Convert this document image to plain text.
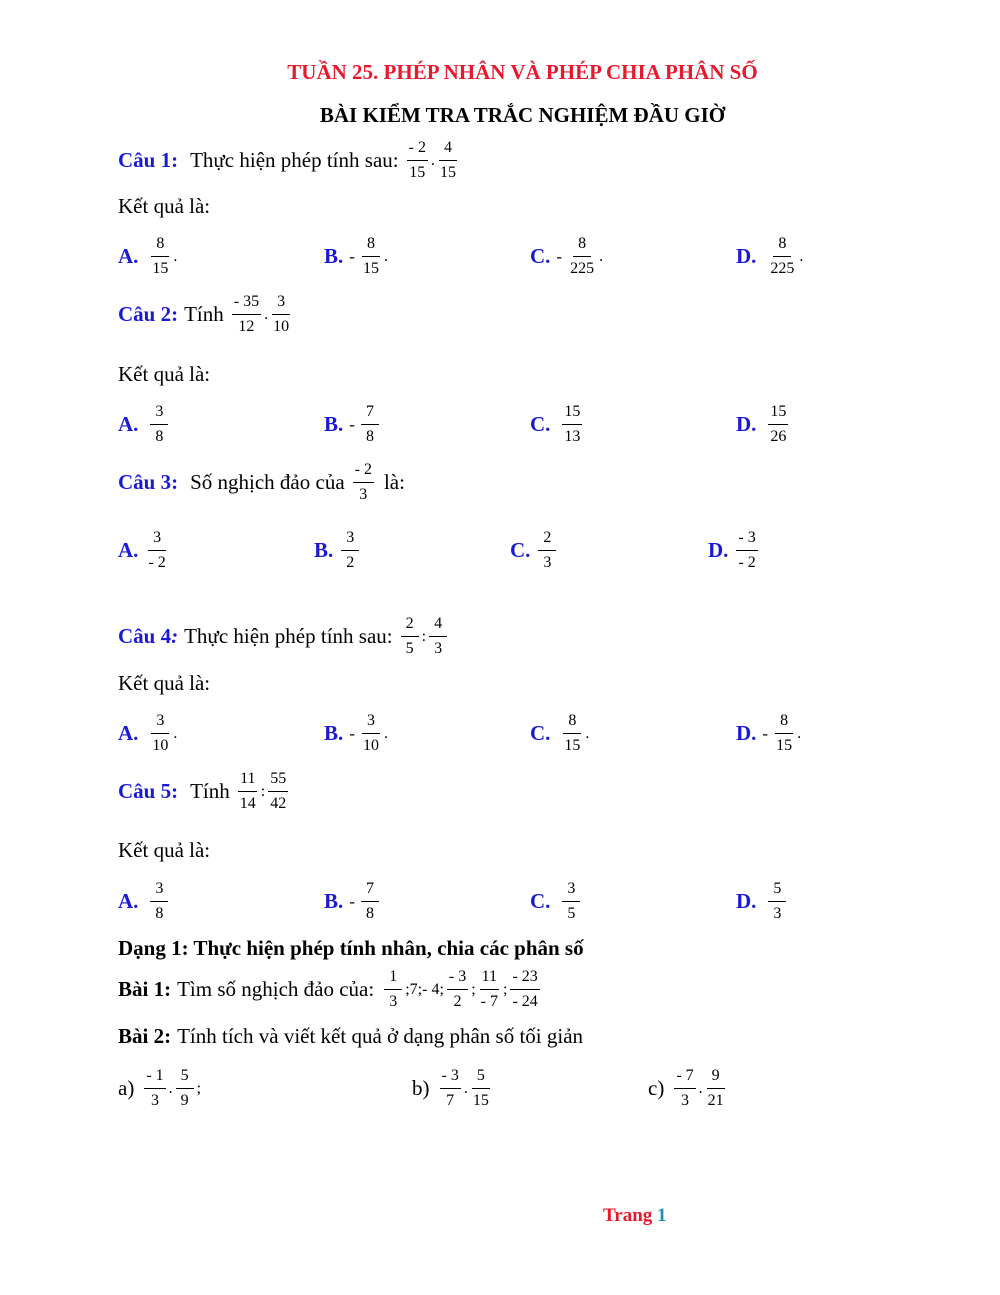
TUẦN 25. PHÉP NHÂN VÀ PHÉP CHIA PHÂN SỐ
BÀI KIỂM TRA TRẮC NGHIỆM ĐẦU GIỜ
Câu 1: Thực hiện phép tính sau: $\frac{- 2}{15}$ . $\frac{4}{15}$
Kết quả là:
A. $\frac{8}{15}$ .	B. - $\frac{8}{15}$ .	C. - $\frac{8}{225}$ .	D. $\frac{8}{225}$ .
Câu 2: Tính $\frac{- 35}{12}$ . $\frac{3}{10}$
Kết quả là:
A. $\frac{3}{8}$	B. - $\frac{7}{8}$	C. $\frac{15}{13}$	D. $\frac{15}{26}$
Câu 3: Số nghịch đảo của $\frac{- 2}{3}$ là:
A. $\frac{3}{- 2}$	B. $\frac{3}{2}$	C. $\frac{2}{3}$	D. $\frac{- 3}{- 2}$
Câu 4 : Thực hiện phép tính sau: $\frac{2}{5}$ : $\frac{4}{3}$
Kết quả là:
A. $\frac{3}{10}$ .	B. - $\frac{3}{10}$ .	C. $\frac{8}{15}$ .	D. - $\frac{8}{15}$ .
Câu 5: Tính $\frac{11}{14}$ : $\frac{55}{42}$
Kết quả là:
A. $\frac{3}{8}$	B. - $\frac{7}{8}$	C. $\frac{3}{5}$	D. $\frac{5}{3}$
Dạng 1: Thực hiện phép tính nhân, chia các phân số
Bài 1: Tìm số nghịch đảo của: $\frac{1}{3}$ ;7;- 4; $\frac{- 3}{2}$ ; $\frac{11}{- 7}$ ; $\frac{- 23}{- 24}$
Bài 2: Tính tích và viết kết quả ở dạng phân số tối giản
$a) \frac{- 1}{3}$ . $\frac{5}{9}$ ;	$b) \frac{- 3}{7}$ . $\frac{5}{15}$	$c) \frac{- 7}{3}$ . $\frac{9}{21}$
Trang 1
